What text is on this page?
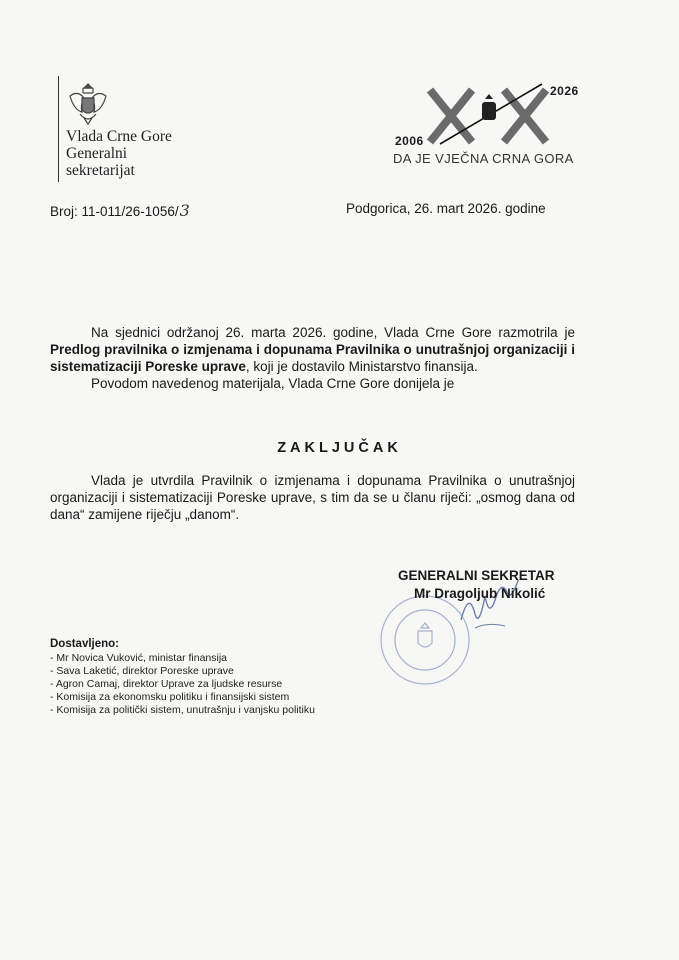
Vlada Crne Gore
Generalni
sekretarijat
2006
2026
DA JE VJEČNA CRNA GORA
Broj: 11-011/26-1056/3	Podgorica, 26. mart 2026. godine
Na sjednici održanoj 26. marta 2026. godine, Vlada Crne Gore razmotrila je Predlog pravilnika o izmjenama i dopunama Pravilnika o unutrašnjoj organizaciji i sistematizaciji Poreske uprave, koji je dostavilo Ministarstvo finansija.
Povodom navedenog materijala, Vlada Crne Gore donijela je
ZAKLJUČAK
Vlada je utvrdila Pravilnik o izmjenama i dopunama Pravilnika o unutrašnjoj organizaciji i sistematizaciji Poreske uprave, s tim da se u članu riječi: „osmog dana od dana“ zamijene riječju „danom“.
GENERALNI SEKRETAR
Mr Dragoljub Nikolić
Dostavljeno:
- Mr Novica Vuković, ministar finansija
- Sava Laketić, direktor Poreske uprave
- Agron Camaj, direktor Uprave za ljudske resurse
- Komisija za ekonomsku politiku i finansijski sistem
- Komisija za politički sistem, unutrašnju i vanjsku politiku
